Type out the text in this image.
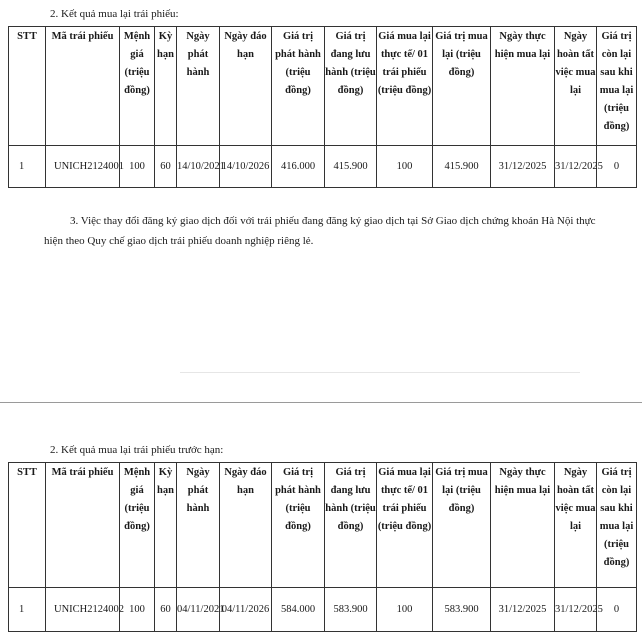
2. Kết quả mua lại trái phiếu:
STT	Mã trái phiếu	Mệnh giá (triệu đồng)	Kỳ hạn	Ngày phát hành	Ngày đáo hạn	Giá trị phát hành (triệu đồng)	Giá trị đang lưu hành (triệu đồng)	Giá mua lại thực tế/ 01 trái phiếu (triệu đồng)	Giá trị mua lại (triệu đồng)	Ngày thực hiện mua lại	Ngày hoàn tất việc mua lại	Giá trị còn lại sau khi mua lại (triệu đồng)
1	UNICH2124001	100	60	14/10/2021	14/10/2026	416.000	415.900	100	415.900	31/12/2025	31/12/2025	0
3. Việc thay đổi đăng ký giao dịch đối với trái phiếu đang đăng ký giao dịch tại Sở Giao dịch chứng khoán Hà Nội thực hiện theo Quy chế giao dịch trái phiếu doanh nghiệp riêng lẻ.
2. Kết quả mua lại trái phiếu trước hạn:
STT	Mã trái phiếu	Mệnh giá (triệu đồng)	Kỳ hạn	Ngày phát hành	Ngày đáo hạn	Giá trị phát hành (triệu đồng)	Giá trị đang lưu hành (triệu đồng)	Giá mua lại thực tế/ 01 trái phiếu (triệu đồng)	Giá trị mua lại (triệu đồng)	Ngày thực hiện mua lại	Ngày hoàn tất việc mua lại	Giá trị còn lại sau khi mua lại (triệu đồng)
1	UNICH2124002	100	60	04/11/2021	04/11/2026	584.000	583.900	100	583.900	31/12/2025	31/12/2025	0
